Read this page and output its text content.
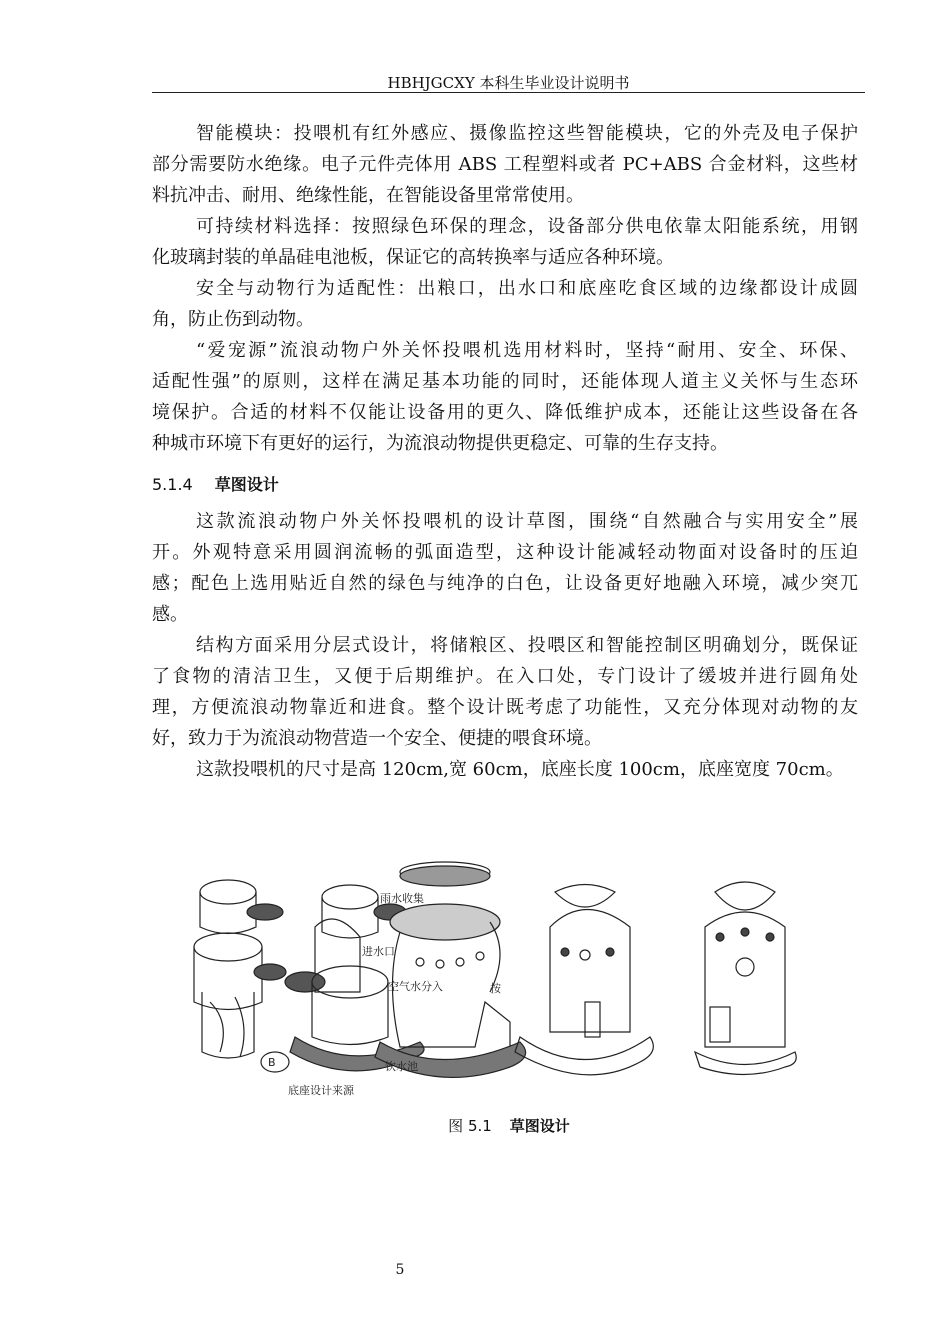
HBHJGCXY 本科生毕业设计说明书
智能模块：投喂机有红外感应、摄像监控这些智能模块，它的外壳及电子保护
部分需要防水绝缘。电子元件壳体用 ABS 工程塑料或者 PC+ABS 合金材料，这些材
料抗冲击、耐用、绝缘性能，在智能设备里常常使用。
可持续材料选择：按照绿色环保的理念，设备部分供电依靠太阳能系统，用钢
化玻璃封装的单晶硅电池板，保证它的高转换率与适应各种环境。
安全与动物行为适配性：出粮口，出水口和底座吃食区域的边缘都设计成圆
角，防止伤到动物。
“爱宠源”流浪动物户外关怀投喂机选用材料时，坚持“耐用、安全、环保、
适配性强”的原则，这样在满足基本功能的同时，还能体现人道主义关怀与生态环
境保护。合适的材料不仅能让设备用的更久、降低维护成本，还能让这些设备在各
种城市环境下有更好的运行，为流浪动物提供更稳定、可靠的生存支持。
5.1.4 草图设计
这款流浪动物户外关怀投喂机的设计草图，围绕“自然融合与实用安全”展
开。外观特意采用圆润流畅的弧面造型，这种设计能减轻动物面对设备时的压迫
感；配色上选用贴近自然的绿色与纯净的白色，让设备更好地融入环境，减少突兀
感。
结构方面采用分层式设计，将储粮区、投喂区和智能控制区明确划分，既保证
了食物的清洁卫生，又便于后期维护。在入口处，专门设计了缓坡并进行圆角处
理，方便流浪动物靠近和进食。整个设计既考虑了功能性，又充分体现对动物的友
好，致力于为流浪动物营造一个安全、便捷的喂食环境。
这款投喂机的尺寸是高 120cm,宽 60cm，底座长度 100cm，底座宽度 70cm。
雨水收集
进水口
空气水分入	按
饮水池
B
底座设计来源
图 5.1 草图设计
5
